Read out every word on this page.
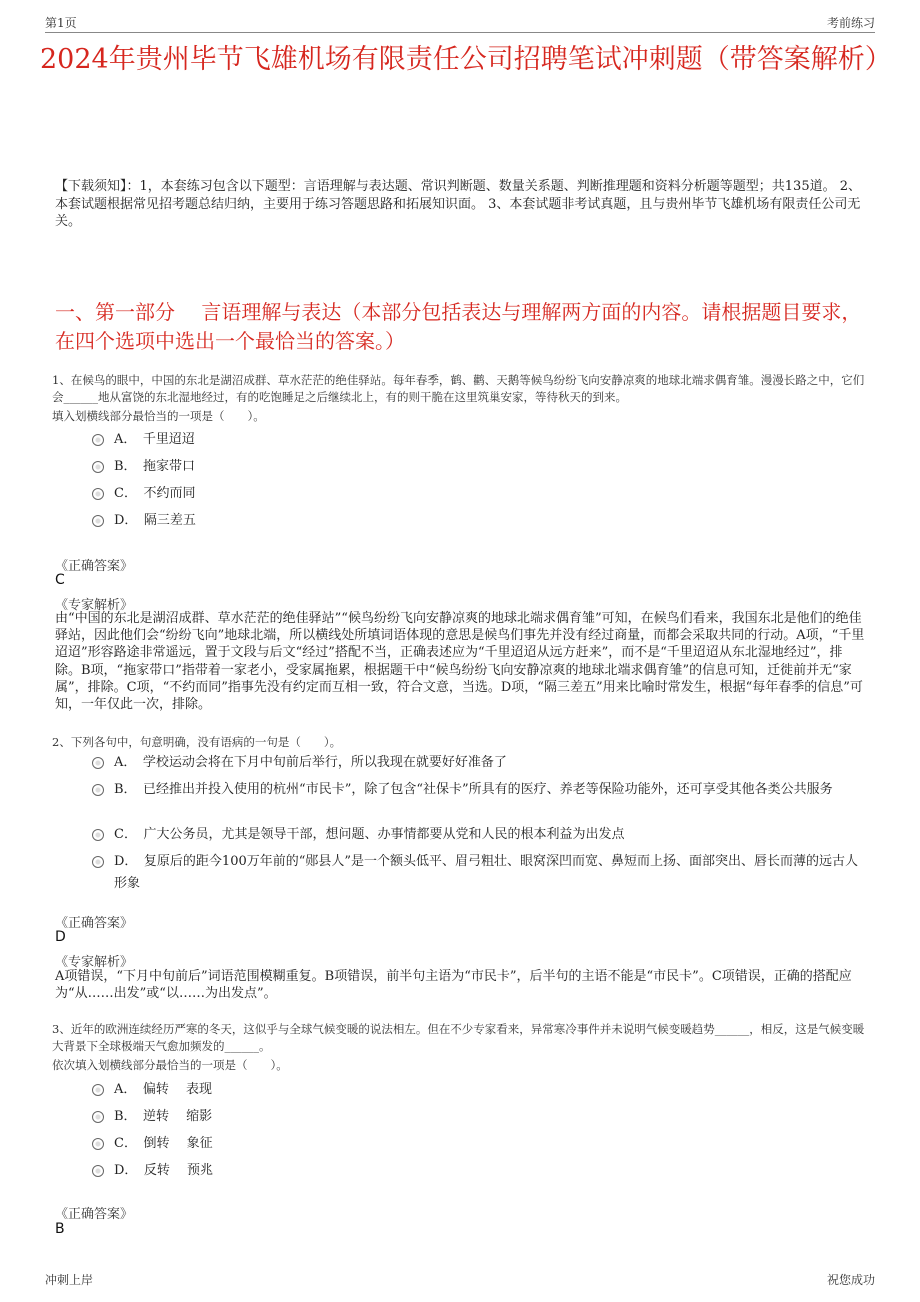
第1页	考前练习
2024年贵州毕节飞雄机场有限责任公司招聘笔试冲刺题（带答案解析）
【下载须知】：1，本套练习包含以下题型：言语理解与表达题、常识判断题、数量关系题、判断推理题和资料分析题等题型；共135道。 2、本套试题根据常见招考题总结归纳，主要用于练习答题思路和拓展知识面。 3、本套试题非考试真题，且与贵州毕节飞雄机场有限责任公司无关。
一、第一部分　 言语理解与表达（本部分包括表达与理解两方面的内容。请根据题目要求，在四个选项中选出一个最恰当的答案。）
1、在候鸟的眼中，中国的东北是湖沼成群、草水茫茫的绝佳驿站。每年春季，鹤、鹳、天鹅等候鸟纷纷飞向安静凉爽的地球北端求偶育雏。漫漫长路之中，它们会______地从富饶的东北湿地经过，有的吃饱睡足之后继续北上，有的则干脆在这里筑巢安家，等待秋天的到来。
填入划横线部分最恰当的一项是（　　）。
A．　千里迢迢
B．　拖家带口
C．　不约而同
D．　隔三差五
《正确答案》
C
《专家解析》
由“中国的东北是湖沼成群、草水茫茫的绝佳驿站”“候鸟纷纷飞向安静凉爽的地球北端求偶育雏”可知，在候鸟们看来，我国东北是他们的绝佳驿站，因此他们会“纷纷飞向”地球北端，所以横线处所填词语体现的意思是候鸟们事先并没有经过商量，而都会采取共同的行动。A项，“千里迢迢”形容路途非常遥远，置于文段与后文“经过”搭配不当，正确表述应为“千里迢迢从远方赶来”，而不是“千里迢迢从东北湿地经过”，排除。B项，“拖家带口”指带着一家老小，受家属拖累，根据题干中“候鸟纷纷飞向安静凉爽的地球北端求偶育雏”的信息可知，迁徙前并无“家属”，排除。C项，“不约而同”指事先没有约定而互相一致，符合文意，当选。D项，“隔三差五”用来比喻时常发生，根据“每年春季的信息”可知，一年仅此一次，排除。
2、下列各句中，句意明确，没有语病的一句是（　　）。
A．　学校运动会将在下月中旬前后举行，所以我现在就要好好准备了
B．　已经推出并投入使用的杭州“市民卡”，除了包含“社保卡”所具有的医疗、养老等保险功能外，还可享受其他各类公共服务
C．　广大公务员，尤其是领导干部，想问题、办事情都要从党和人民的根本利益为出发点
D．　复原后的距今100万年前的“郧县人”是一个额头低平、眉弓粗壮、眼窝深凹而宽、鼻短而上扬、面部突出、唇长而薄的远古人形象
《正确答案》
D
《专家解析》
A项错误，“下月中旬前后”词语范围模糊重复。B项错误，前半句主语为“市民卡”，后半句的主语不能是“市民卡”。C项错误，正确的搭配应为“从……出发”或“以……为出发点”。
3、近年的欧洲连续经历严寒的冬天，这似乎与全球气候变暖的说法相左。但在不少专家看来，异常寒冷事件并未说明气候变暖趋势______，相反，这是气候变暖大背景下全球极端天气愈加频发的______。
依次填入划横线部分最恰当的一项是（　　）。
A．　偏转　 表现
B．　逆转　 缩影
C．　倒转　 象征
D．　反转　 预兆
《正确答案》
B
冲刺上岸	祝您成功
